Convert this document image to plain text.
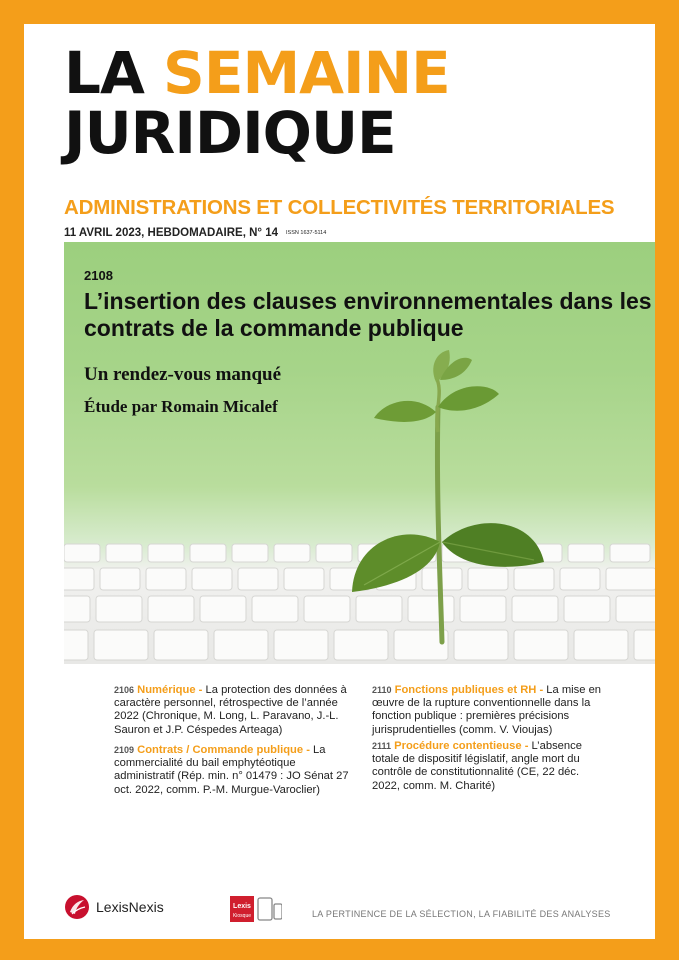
LA SEMAINE
JURIDIQUE
ADMINISTRATIONS ET COLLECTIVITÉS TERRITORIALES
11 AVRIL 2023, HEBDOMADAIRE, N° 14 ISSN 1637-5114
2108
L’insertion des clauses environnementales dans les contrats de la commande publique
Un rendez-vous manqué
Étude par Romain Micalef
2106 Numérique - La protection des données à caractère personnel, rétrospective de l’année 2022 (Chronique, M. Long, L. Paravano, J.-L. Sauron et J.P. Céspedes Arteaga)
2109 Contrats / Commande publique - La commercialité du bail emphytéotique administratif (Rép. min. n° 01479 : JO Sénat 27 oct. 2022, comm. P.-M. Murgue-Varoclier)
2110 Fonctions publiques et RH - La mise en œuvre de la rupture conventionnelle dans la fonction publique : premières précisions jurisprudentielles (comm. V. Vioujas)
2111 Procédure contentieuse - L’absence totale de dispositif législatif, angle mort du contrôle de constitutionnalité (CE, 22 déc. 2022, comm. M. Charité)
LexisNexis	Lexis
Kiosque	LA PERTINENCE DE LA SÉLECTION, LA FIABILITÉ DES ANALYSES
